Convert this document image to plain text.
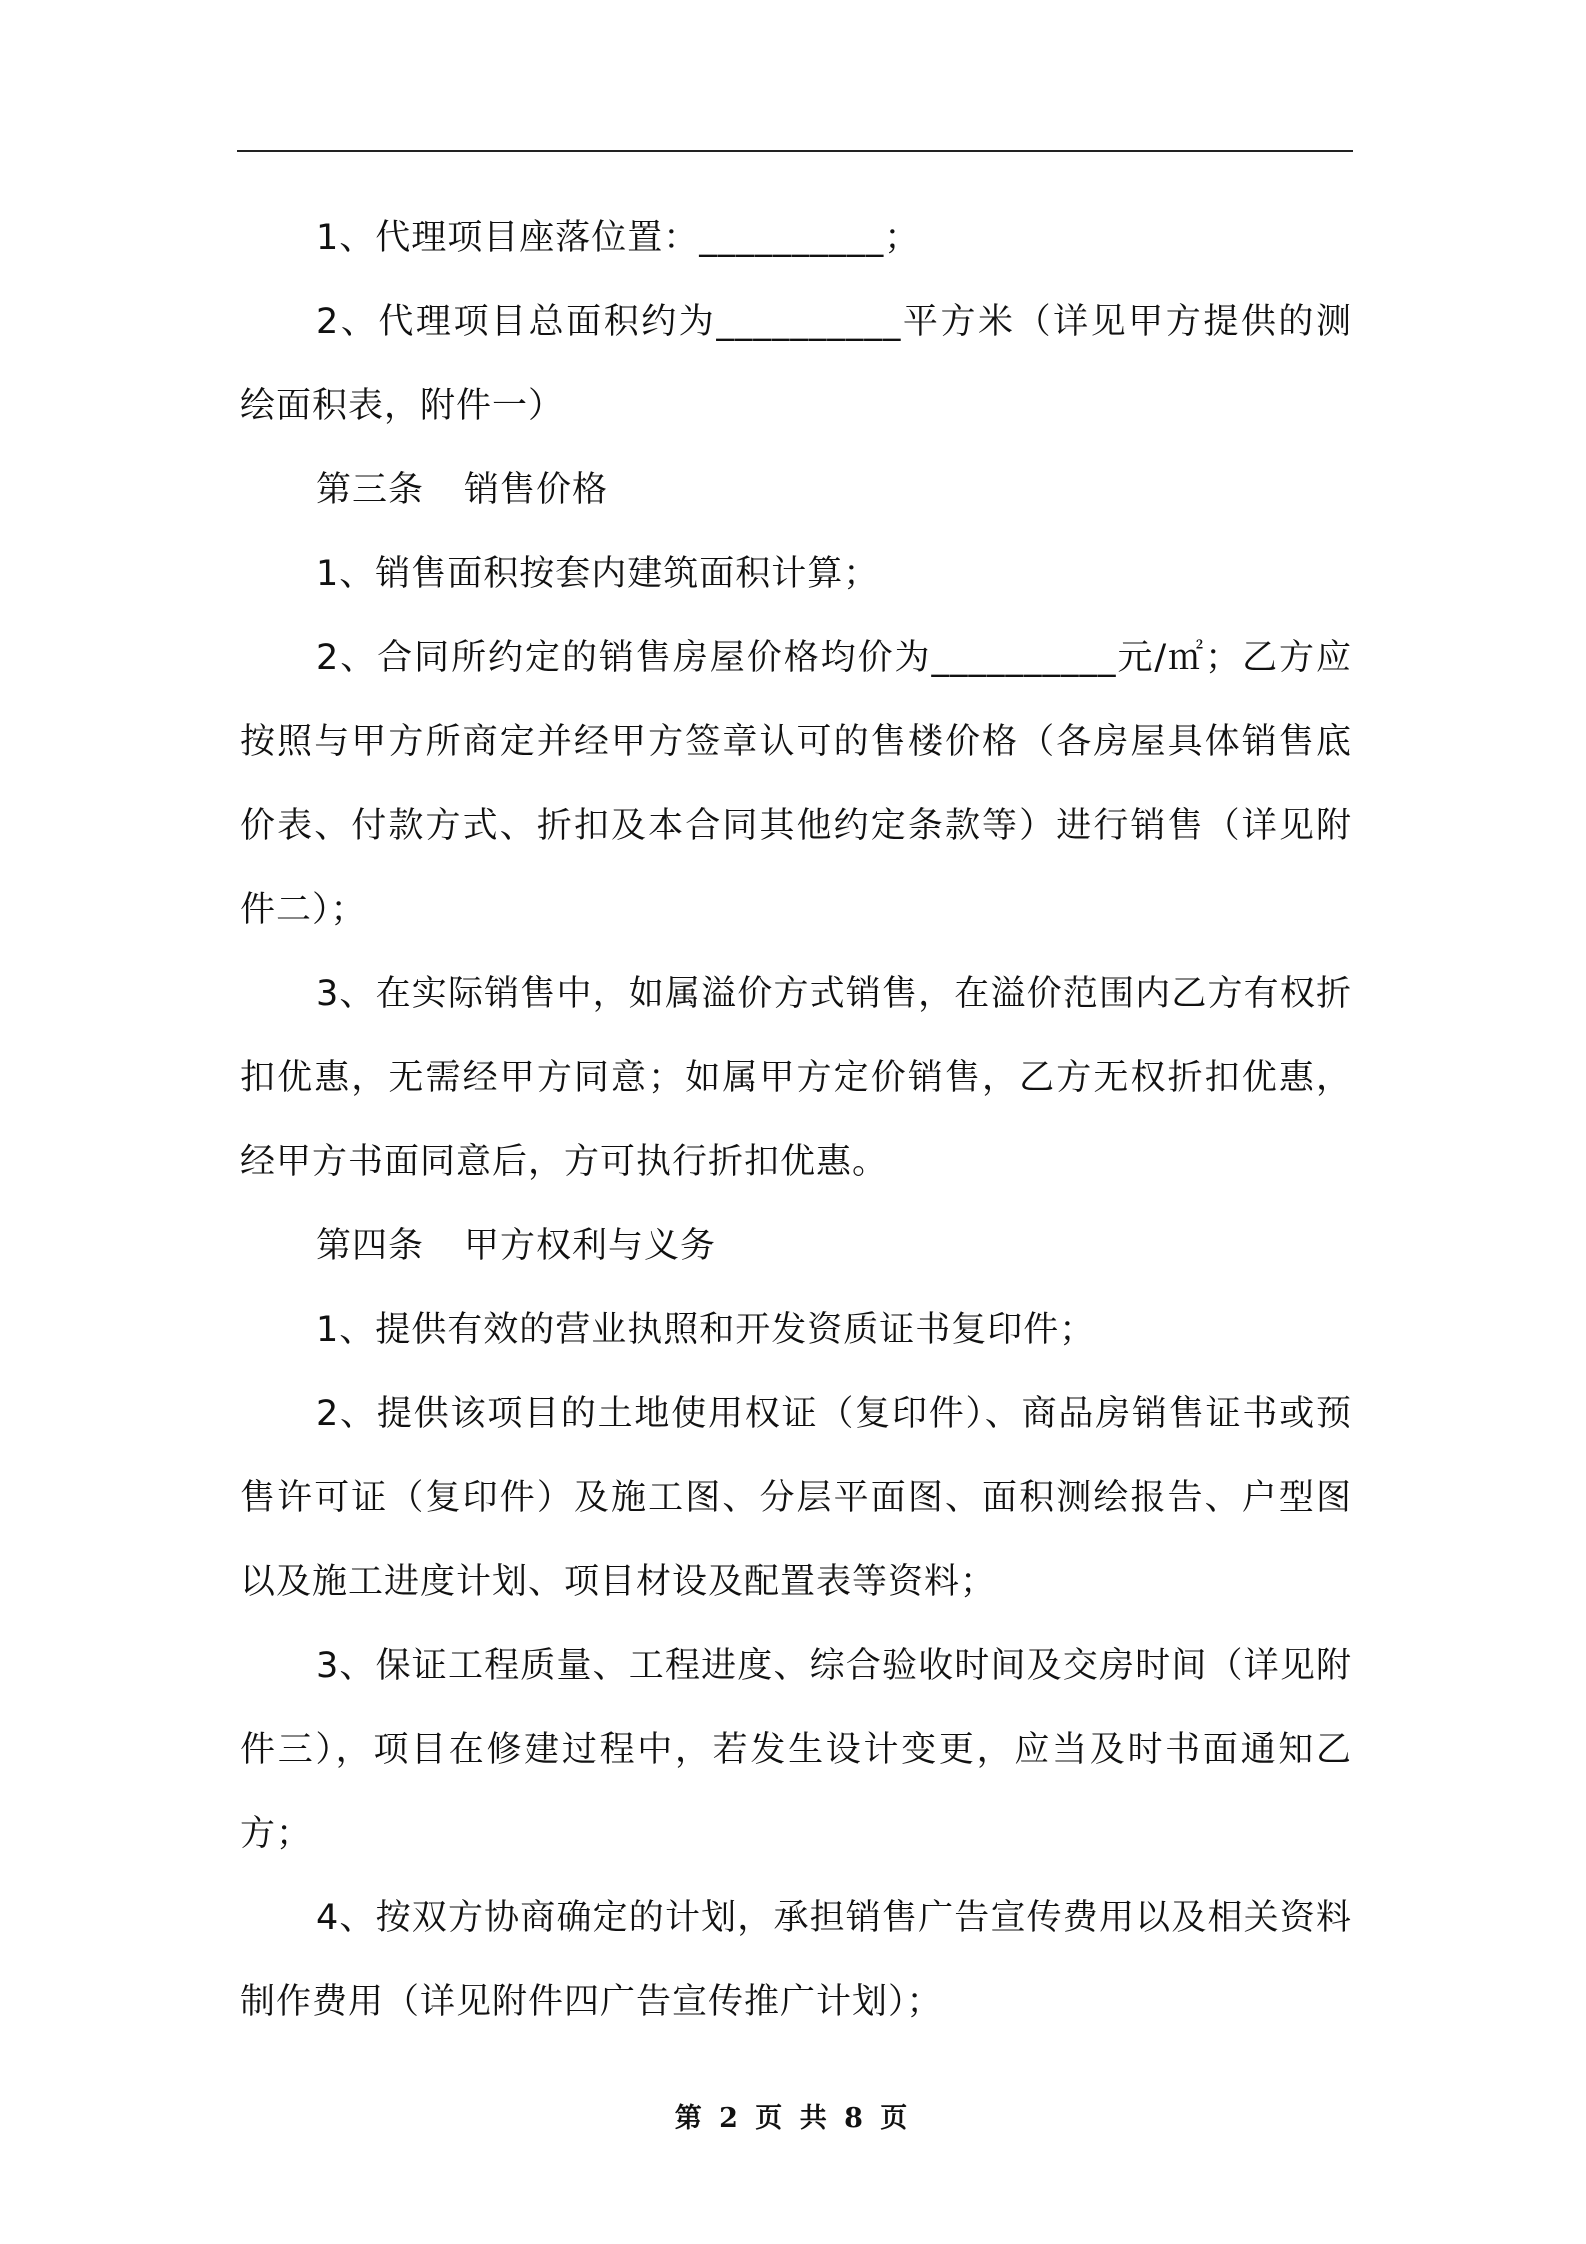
1、代理项目座落位置：__________；

2、代理项目总面积约为__________平方米（详见甲方提供的测绘面积表，附件一）

第三条 销售价格

1、销售面积按套内建筑面积计算；

2、合同所约定的销售房屋价格均价为__________元/㎡；乙方应按照与甲方所商定并经甲方签章认可的售楼价格（各房屋具体销售底价表、付款方式、折扣及本合同其他约定条款等）进行销售（详见附件二）；

3、在实际销售中，如属溢价方式销售，在溢价范围内乙方有权折扣优惠，无需经甲方同意；如属甲方定价销售，乙方无权折扣优惠，经甲方书面同意后，方可执行折扣优惠。

第四条 甲方权利与义务

1、提供有效的营业执照和开发资质证书复印件；

2、提供该项目的土地使用权证（复印件）、商品房销售证书或预售许可证（复印件）及施工图、分层平面图、面积测绘报告、户型图以及施工进度计划、项目材设及配置表等资料；

3、保证工程质量、工程进度、综合验收时间及交房时间（详见附件三），项目在修建过程中，若发生设计变更，应当及时书面通知乙方；

4、按双方协商确定的计划，承担销售广告宣传费用以及相关资料制作费用（详见附件四广告宣传推广计划）；

第 2 页 共 8 页
